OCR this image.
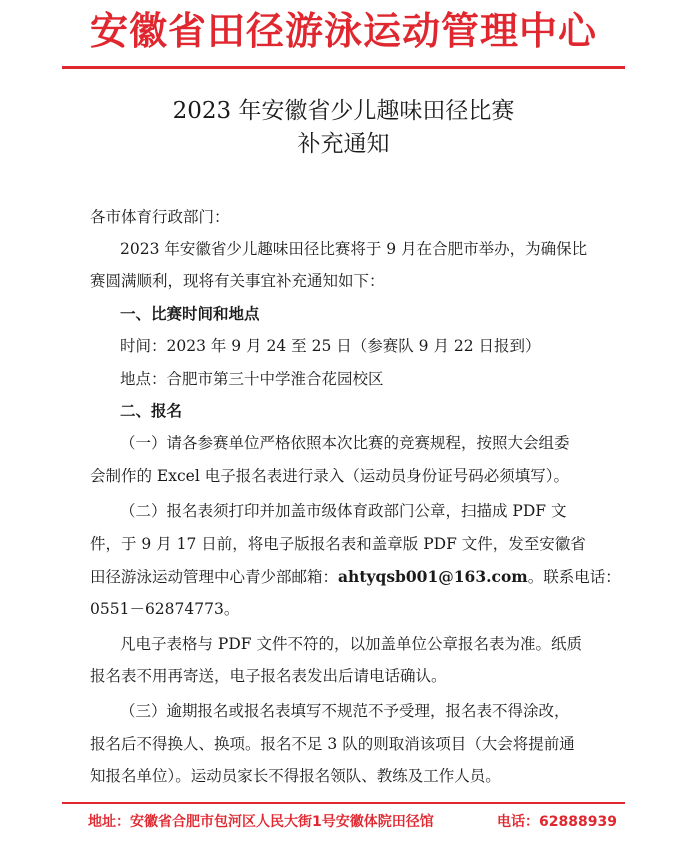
安徽省田径游泳运动管理中心
2023 年安徽省少儿趣味田径比赛
补充通知
各市体育行政部门：
2023 年安徽省少儿趣味田径比赛将于 9 月在合肥市举办，为确保比
赛圆满顺利，现将有关事宜补充通知如下：
一、比赛时间和地点
时间：2023 年 9 月 24 至 25 日（参赛队 9 月 22 日报到）
地点：合肥市第三十中学淮合花园校区
二、报名
（一）请各参赛单位严格依照本次比赛的竞赛规程，按照大会组委
会制作的 Excel 电子报名表进行录入（运动员身份证号码必须填写）。
（二）报名表须打印并加盖市级体育政部门公章，扫描成 PDF 文
件，于 9 月 17 日前，将电子版报名表和盖章版 PDF 文件，发至安徽省
田径游泳运动管理中心青少部邮箱：ahtyqsb001@163.com。联系电话：
0551－62874773。
凡电子表格与 PDF 文件不符的，以加盖单位公章报名表为准。纸质
报名表不用再寄送，电子报名表发出后请电话确认。
（三）逾期报名或报名表填写不规范不予受理，报名表不得涂改，
报名后不得换人、换项。报名不足 3 队的则取消该项目（大会将提前通
知报名单位）。运动员家长不得报名领队、教练及工作人员。
地址：安徽省合肥市包河区人民大街1号安徽体院田径馆	电话：62888939
